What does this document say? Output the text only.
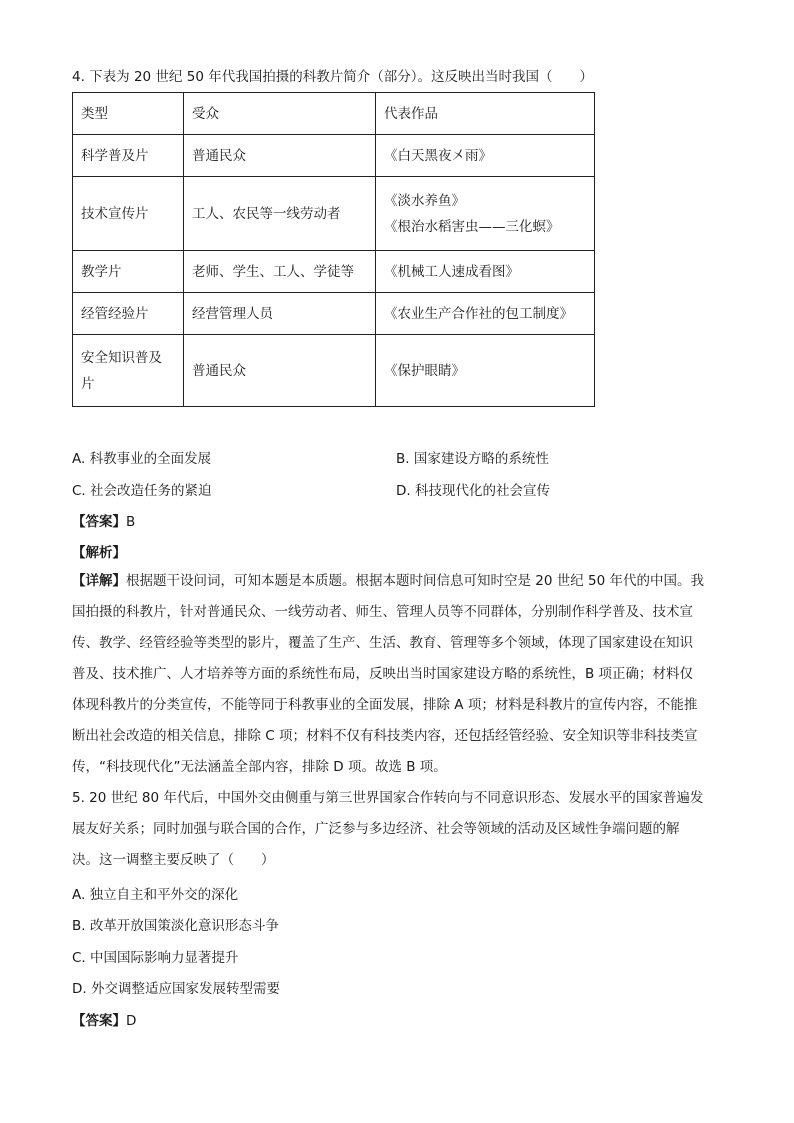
4. 下表为 20 世纪 50 年代我国拍摄的科教片简介（部分）。这反映出当时我国（　　）
类型	受众	代表作品
科学普及片	普通民众	《白天黑夜㐅雨》
技术宣传片	工人、农民等一线劳动者	《淡水养鱼》
《根治水稻害虫——三化螟》

教学片	老师、学生、工人、学徒等	《机械工人速成看图》
经管经验片	经营管理人员	《农业生产合作社的包工制度》

安全知识普及
片	普通民众	《保护眼睛》
A. 科教事业的全面发展	B. 国家建设方略的系统性
C. 社会改造任务的紧迫	D. 科技现代化的社会宣传
【答案】B
【解析】
【详解】根据题干设问词，可知本题是本质题。根据本题时间信息可知时空是 20 世纪 50 年代的中国。我
国拍摄的科教片，针对普通民众、一线劳动者、师生、管理人员等不同群体，分别制作科学普及、技术宣
传、教学、经管经验等类型的影片，覆盖了生产、生活、教育、管理等多个领域，体现了国家建设在知识
普及、技术推广、人才培养等方面的系统性布局，反映出当时国家建设方略的系统性，B 项正确；材料仅
体现科教片的分类宣传，不能等同于科教事业的全面发展，排除 A 项；材料是科教片的宣传内容，不能推
断出社会改造的相关信息，排除 C 项；材料不仅有科技类内容，还包括经管经验、安全知识等非科技类宣
传，“科技现代化”无法涵盖全部内容，排除 D 项。故选 B 项。
5. 20 世纪 80 年代后，中国外交由侧重与第三世界国家合作转向与不同意识形态、发展水平的国家普遍发
展友好关系；同时加强与联合国的合作，广泛参与多边经济、社会等领域的活动及区域性争端问题的解
决。这一调整主要反映了（　　）
A. 独立自主和平外交的深化
B. 改革开放国策淡化意识形态斗争
C. 中国国际影响力显著提升
D. 外交调整适应国家发展转型需要
【答案】D
